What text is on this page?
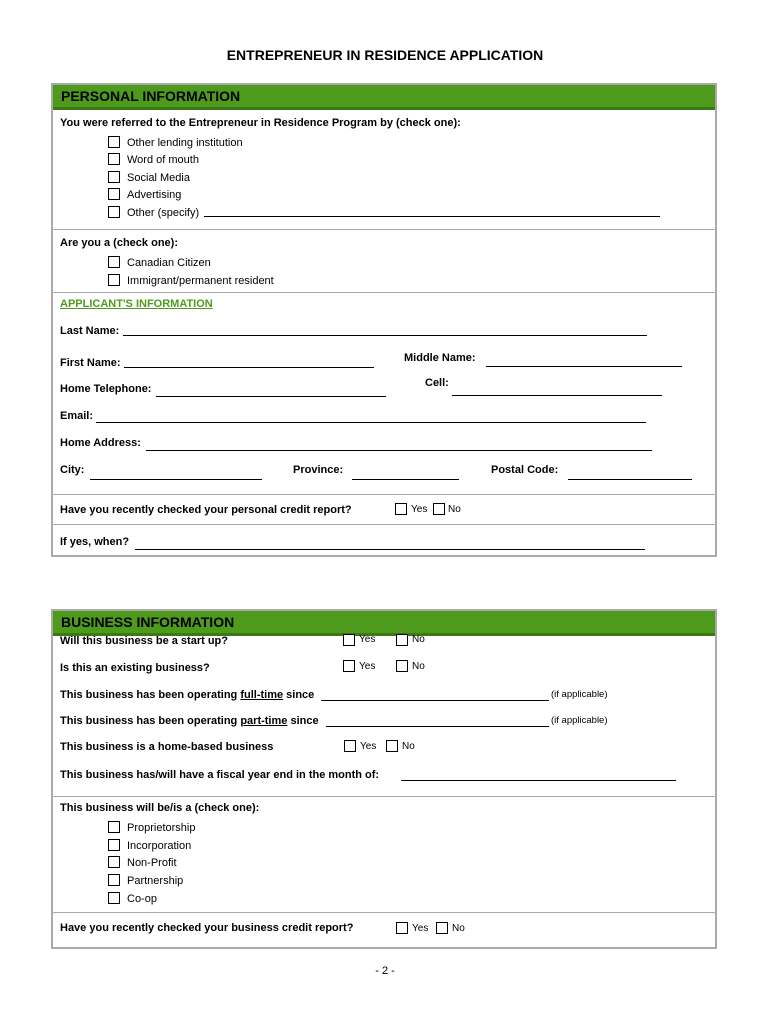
ENTREPRENEUR IN RESIDENCE APPLICATION
PERSONAL INFORMATION
You were referred to the Entrepreneur in Residence Program by (check one):
Other lending institution
Word of mouth
Social Media
Advertising
Other (specify)
Are you a (check one):
Canadian Citizen
Immigrant/permanent resident
APPLICANT'S INFORMATION
Last Name:
First Name:	Middle Name:
Home Telephone:	Cell:
Email:
Home Address:
City:	Province:	Postal Code:
Have you recently checked your personal credit report?	Yes No
If yes, when?
BUSINESS INFORMATION
Will this business be a start up?	Yes	No
Is this an existing business?	Yes	No
This business has been operating full-time since	(if applicable)
This business has been operating part-time since	(if applicable)
This business is a home-based business	Yes	No
This business has/will have a fiscal year end in the month of:
This business will be/is a (check one):
Proprietorship
Incorporation
Non-Profit
Partnership
Co-op
Have you recently checked your business credit report?	Yes No
- 2 -
